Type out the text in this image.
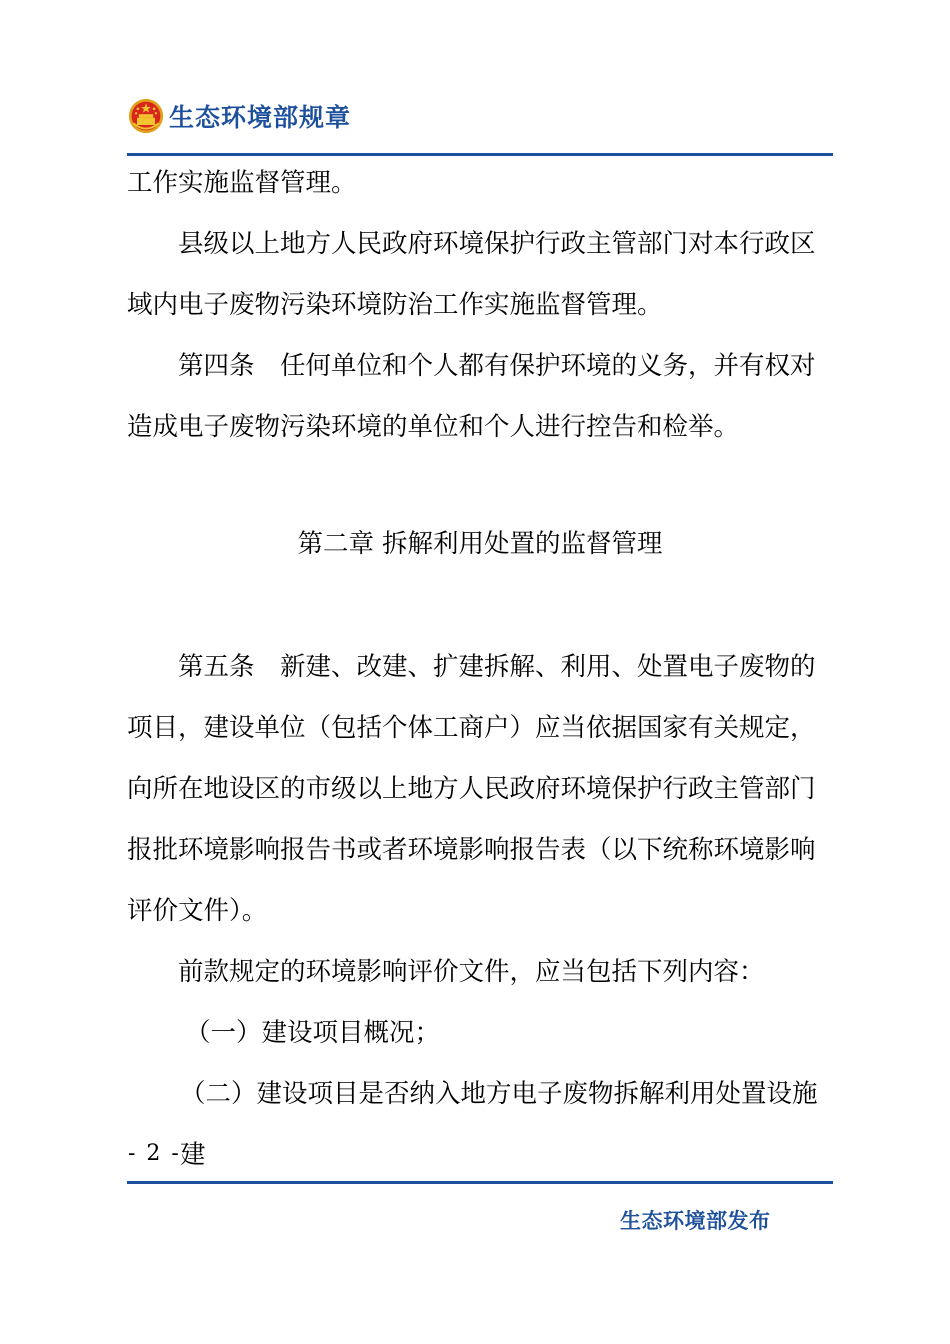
生态环境部规章

工作实施监督管理。

县级以上地方人民政府环境保护行政主管部门对本行政区域内电子废物污染环境防治工作实施监督管理。

第四条　任何单位和个人都有保护环境的义务，并有权对造成电子废物污染环境的单位和个人进行控告和检举。

第二章 拆解利用处置的监督管理

第五条　新建、改建、扩建拆解、利用、处置电子废物的项目，建设单位（包括个体工商户）应当依据国家有关规定，向所在地设区的市级以上地方人民政府环境保护行政主管部门报批环境影响报告书或者环境影响报告表（以下统称环境影响评价文件）。

前款规定的环境影响评价文件，应当包括下列内容：

（一）建设项目概况；

（二）建设项目是否纳入地方电子废物拆解利用处置设施建

- 2 -
生态环境部发布
